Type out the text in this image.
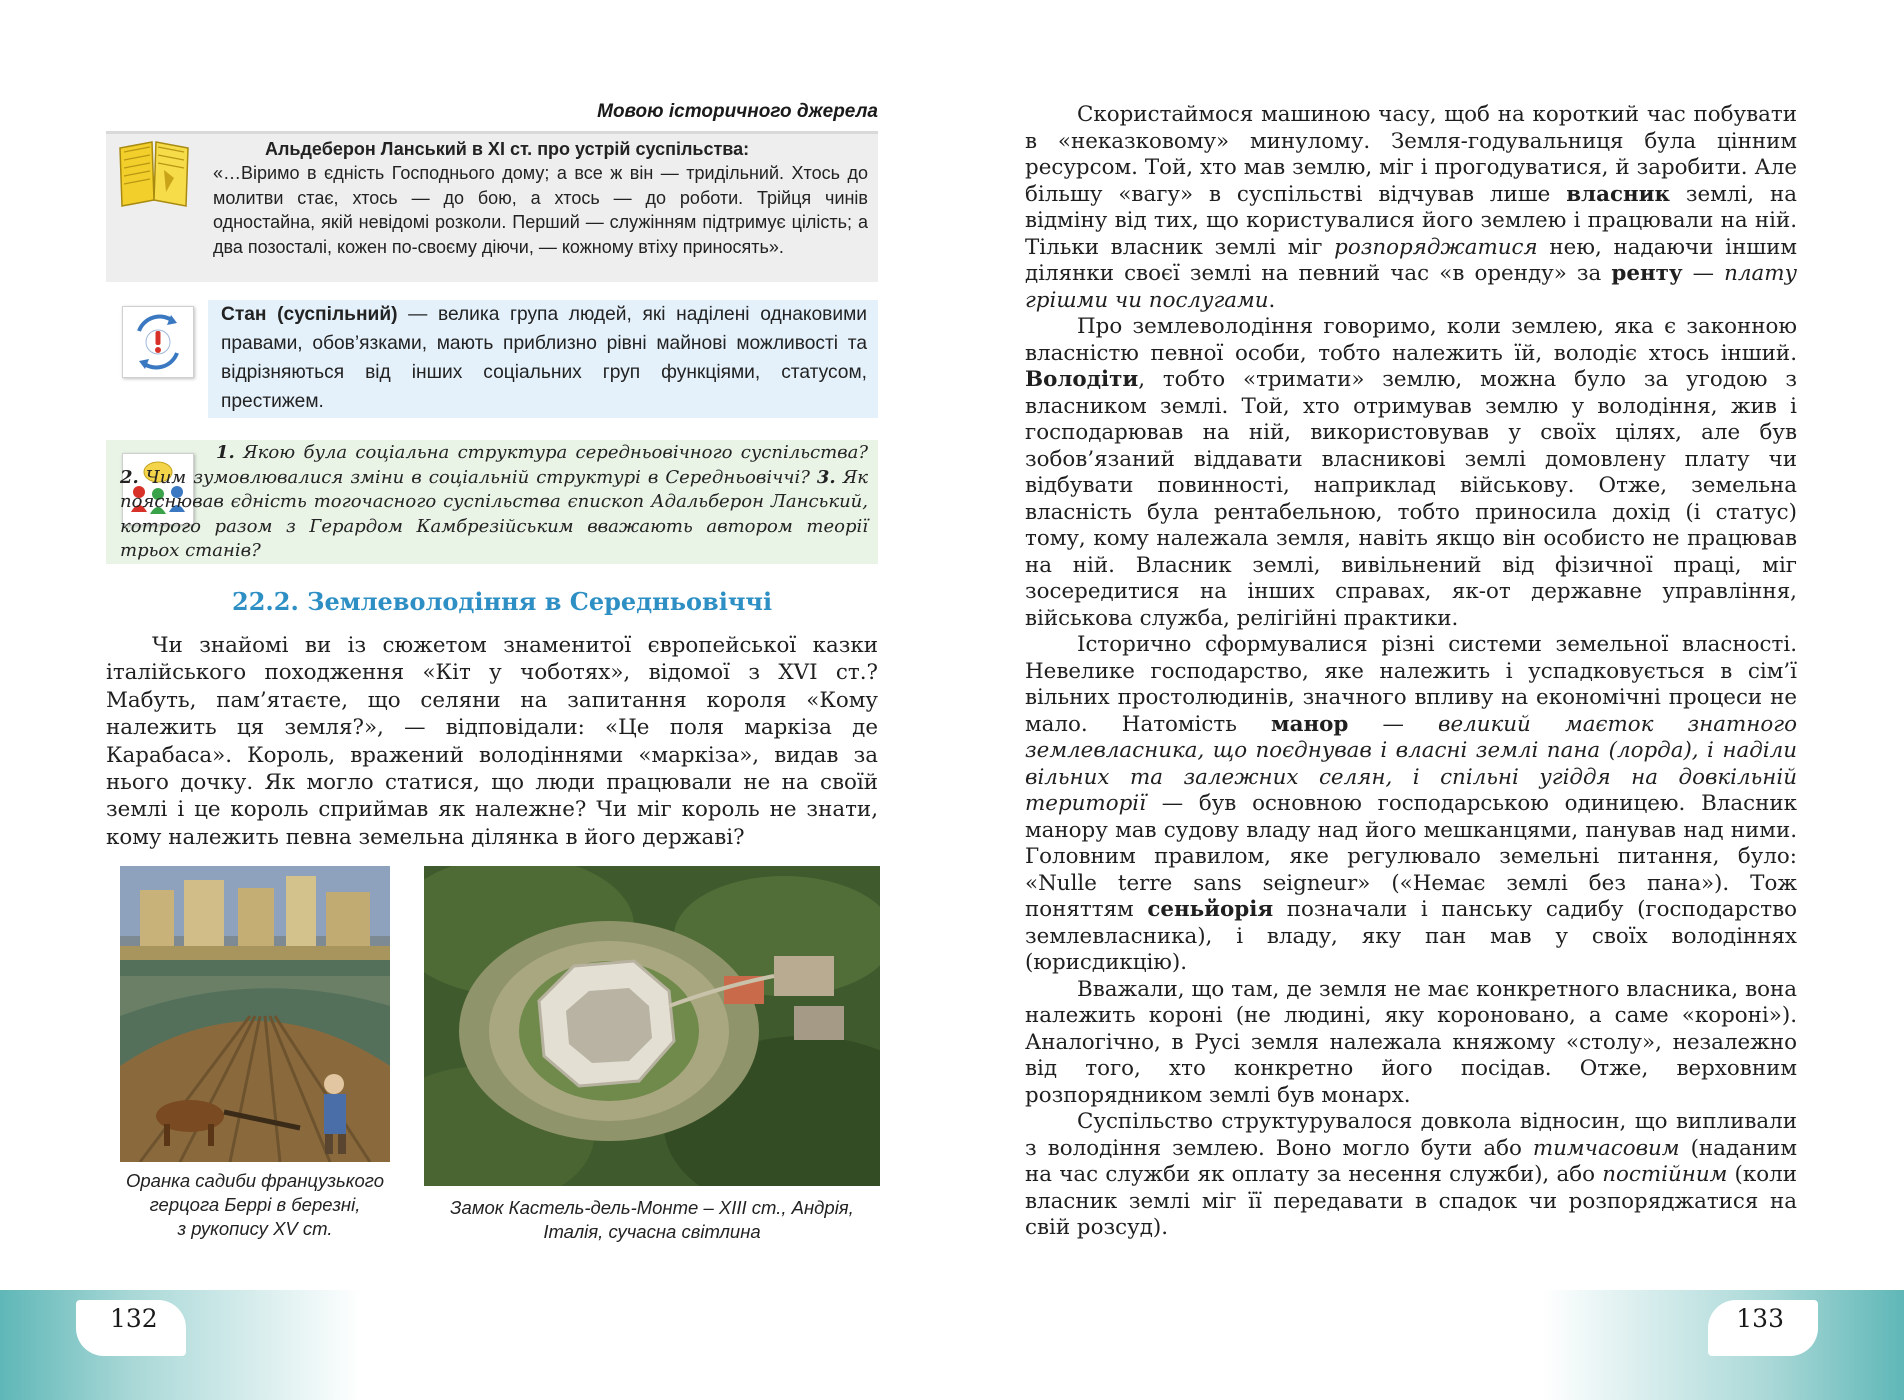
132	133
Мовою історичного джерела
Альдеберон Ланський в XI ст. про устрій суспільства:
«…Віримо в єдність Господнього дому; а все ж він — тридільний. Хтось до молитви стає, хтось — до бою, а хтось — до роботи. Трійця чинів одностайна, якій невідомі розколи. Перший — служінням підтримує цілість; а два позосталі, кожен по-своєму діючи, — кожному втіху приносять».
Стан (суспільний) — велика група людей, які наділені однаковими правами, обов’язками, мають приблизно рівні майнові можливості та відрізняються від інших соціальних груп функціями, статусом, престижем.
1. Якою була соціальна структура середньовічного суспільства? 2. Чим зумовлювалися зміни в соціальній структурі в Середньовіччі? 3. Як пояснював єдність тогочасного суспільства єпископ Адальберон Ланський, котрого разом з Герардом Камбрезійським вважають автором теорії трьох станів?
22.2. Землеволодіння в Середньовіччі

Чи знайомі ви із сюжетом знаменитої європейської казки італійського походження «Кіт у чоботях», відомої з XVI ст.? Мабуть, пам’ятаєте, що селяни на запитання короля «Кому належить ця земля?», — відповідали: «Це поля маркіза де Карабаса». Король, вражений володіннями «маркіза», видав за нього дочку. Як могло статися, що люди працювали не на своїй землі і це король сприймав як належне? Чи міг король не знати, кому належить певна земельна ділянка в його державі?

Оранка садиби французького
герцога Беррі в березні,
з рукопису XV ст.
Замок Кастель-дель-Монте – XIII ст., Андрія,
Італія, сучасна світлина

Скористаймося машиною часу, щоб на короткий час побувати в «неказковому» минулому. Земля-годувальниця була цінним ресурсом. Той, хто мав землю, міг і прогодуватися, й заробити. Але більшу «вагу» в суспільстві відчував лише власник землі, на відміну від тих, що користувалися його землею і працювали на ній. Тільки власник землі міг розпоряджатися нею, надаючи іншим ділянки своєї землі на певний час «в оренду» за ренту — плату грішми чи послугами.

Про землеволодіння говоримо, коли землею, яка є законною власністю певної особи, тобто належить їй, володіє хтось інший. Володіти, тобто «тримати» землю, можна було за угодою з власником землі. Той, хто отримував землю у володіння, жив і господарював на ній, використовував у своїх цілях, але був зобов’язаний віддавати власникові землі домовлену плату чи відбувати повинності, наприклад військову. Отже, земельна власність була рентабельною, тобто приносила дохід (і статус) тому, кому належала земля, навіть якщо він особисто не працював на ній. Власник землі, вивільнений від фізичної праці, міг зосередитися на інших справах, як-от державне управління, військова служба, релігійні практики.

Історично сформувалися різні системи земельної власності. Невелике господарство, яке належить і успадковується в сім’ї вільних простолюдинів, значного впливу на економічні процеси не мало. Натомість манор — великий маєток знатного землевласника, що поєднував і власні землі пана (лорда), і наділи вільних та залежних селян, і спільні угіддя на довкільній території — був основною господарською одиницею. Власник манору мав судову владу над його мешканцями, панував над ними. Головним правилом, яке регулювало земельні питання, було: «Nulle terre sans seigneur» («Немає землі без пана»). Тож поняттям сеньйорія позначали і панську садибу (господарство землевласника), і владу, яку пан мав у своїх володіннях (юрисдикцію).

Вважали, що там, де земля не має конкретного власника, вона належить короні (не людині, яку короновано, а саме «короні»). Аналогічно, в Русі земля належала княжому «столу», незалежно від того, хто конкретно його посідав. Отже, верховним розпорядником землі був монарх.

Суспільство структурувалося довкола відносин, що випливали з володіння землею. Воно могло бути або тимчасовим (наданим на час служби як оплату за несення служби), або постійним (коли власник землі міг її передавати в спадок чи розпоряджатися на свій розсуд).
